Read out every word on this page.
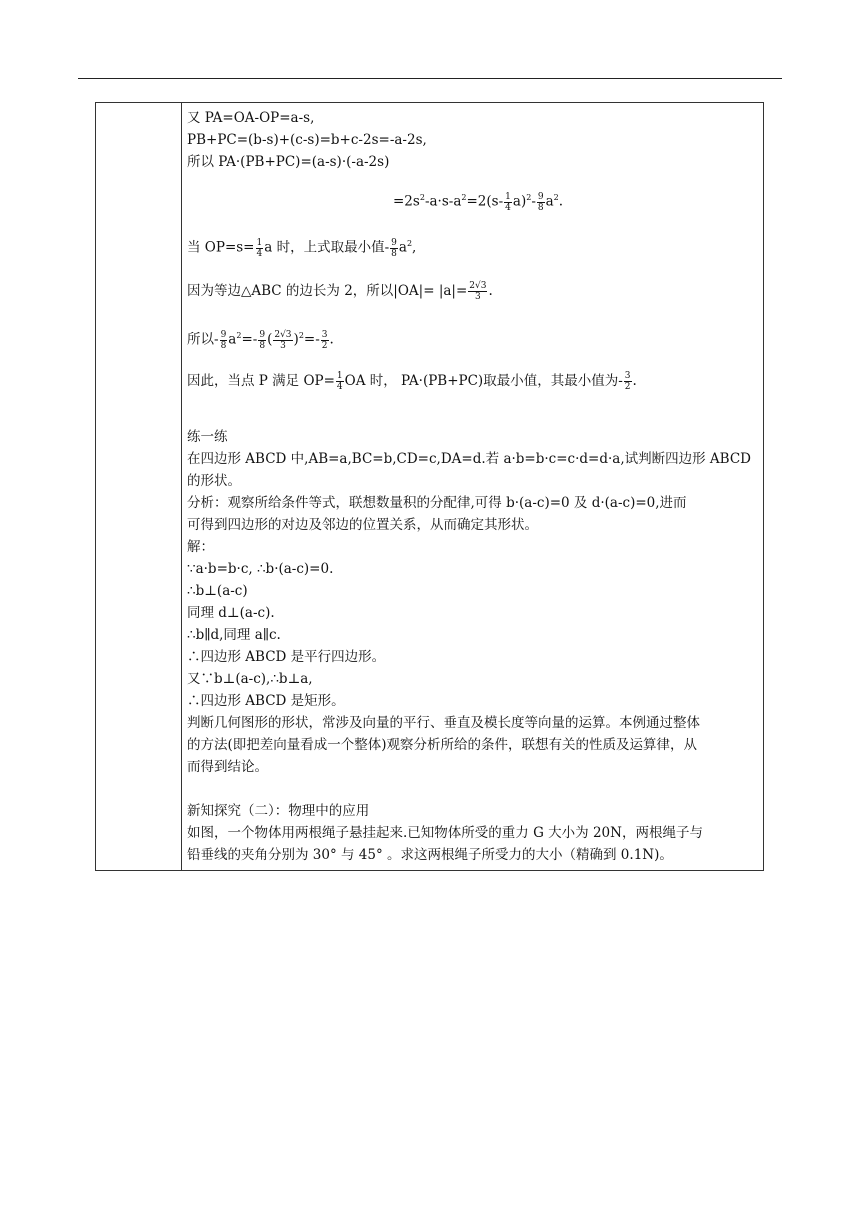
又 PA=OA-OP=a-s,
PB+PC=(b-s)+(c-s)=b+c-2s=-a-2s,
所以 PA·(PB+PC)=(a-s)·(-a-2s)
$=2s^2-a\cdot s-a^2=2(s- \frac{1}{4} a)^2- \frac{9}{8} a^2$.
当 $OP=s= \frac{1}{4}$ a 时，上式取最小值- $\frac{9}{8} a^2$,
因为等边△ABC 的边长为 2，所以$|OA|= |a|= \frac{2√3}{3}$ .
所以- $\frac{9}{8} a^2=- \frac{9}{8}$ ( $\frac{2√3}{3} )^2=- \frac{3}{2}$ .
因此，当点 P 满足 $OP= \frac{1}{4}$ OA 时， PA·(PB+PC)取最小值，其最小值为- $\frac{3}{2}$ .
练一练
在四边形 ABCD 中,AB=a,BC=b,CD=c,DA=d.若 a·b=b·c=c·d=d·a,试判断四边形 ABCD
的形状。
分析：观察所给条件等式，联想数量积的分配律,可得 b·(a-c)=0 及 d·(a-c)=0,进而
可得到四边形的对边及邻边的位置关系，从而确定其形状。
解：
∵a·b=b·c, ∴b·(a-c)=0.
∴b⊥(a-c)
同理 d⊥(a-c).
∴b∥d,同理 a∥c.
∴四边形 ABCD 是平行四边形。
又∵b⊥(a-c),∴b⊥a,
∴四边形 ABCD 是矩形。
判断几何图形的形状，常涉及向量的平行、垂直及模长度等向量的运算。本例通过整体
的方法(即把差向量看成一个整体)观察分析所给的条件，联想有关的性质及运算律，从
而得到结论。
新知探究（二）：物理中的应用
如图，一个物体用两根绳子悬挂起来.已知物体所受的重力 G 大小为 20N，两根绳子与
铅垂线的夹角分别为 30° 与 45° 。求这两根绳子所受力的大小（精确到 0.1N)。
